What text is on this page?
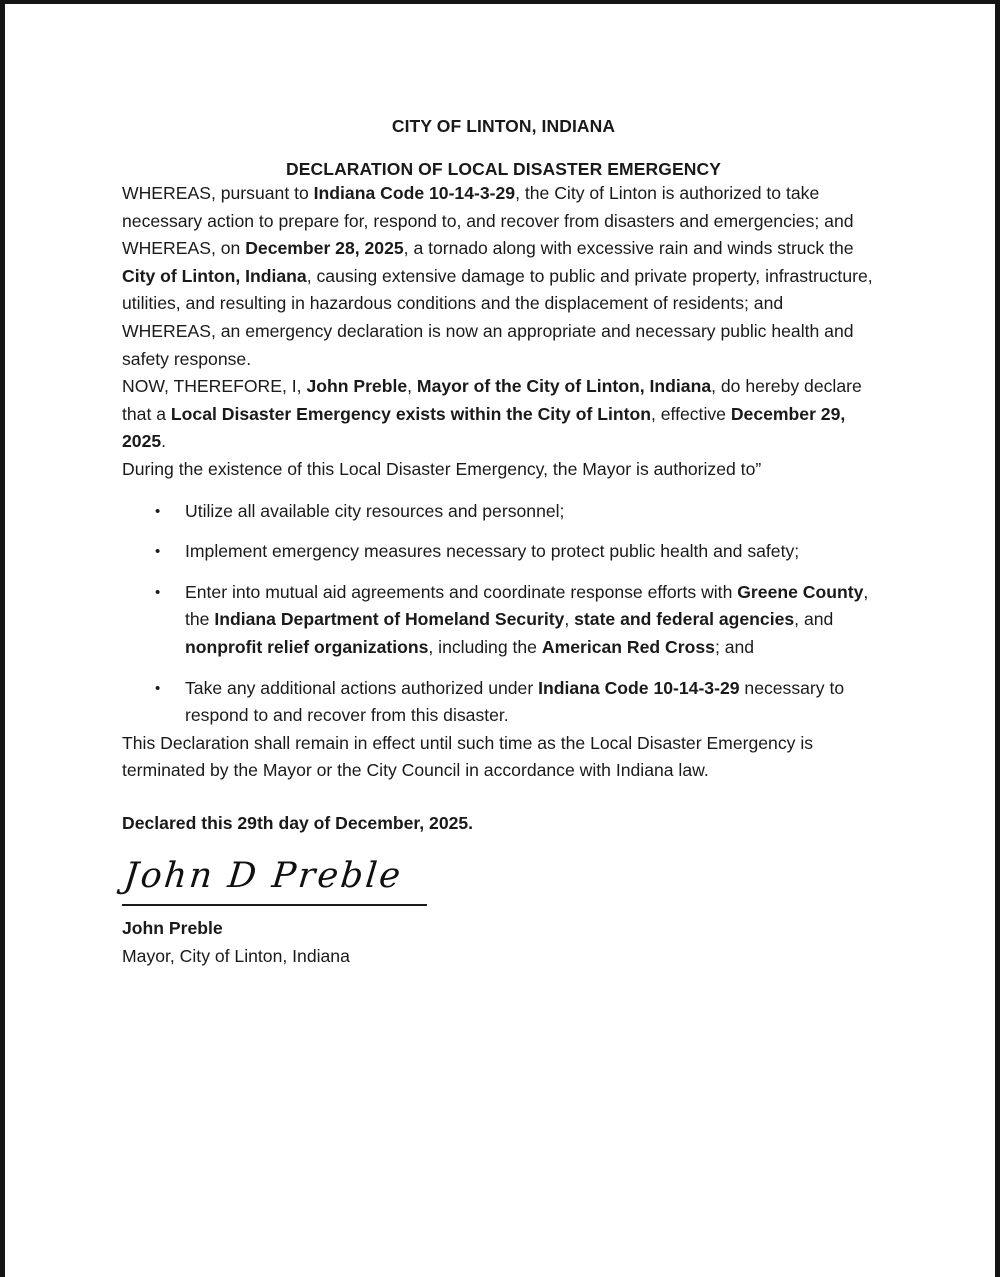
CITY OF LINTON, INDIANA
DECLARATION OF LOCAL DISASTER EMERGENCY

WHEREAS, pursuant to Indiana Code 10-14-3-29, the City of Linton is authorized to take necessary action to prepare for, respond to, and recover from disasters and emergencies; and

WHEREAS, on December 28, 2025, a tornado along with excessive rain and winds struck the City of Linton, Indiana, causing extensive damage to public and private property, infrastructure, utilities, and resulting in hazardous conditions and the displacement of residents; and

WHEREAS, an emergency declaration is now an appropriate and necessary public health and safety response.

NOW, THEREFORE, I, John Preble, Mayor of the City of Linton, Indiana, do hereby declare that a Local Disaster Emergency exists within the City of Linton, effective December 29, 2025.

During the existence of this Local Disaster Emergency, the Mayor is authorized to”

• Utilize all available city resources and personnel;
• Implement emergency measures necessary to protect public health and safety;
• Enter into mutual aid agreements and coordinate response efforts with Greene County, the Indiana Department of Homeland Security, state and federal agencies, and nonprofit relief organizations, including the American Red Cross; and
• Take any additional actions authorized under Indiana Code 10-14-3-29 necessary to respond to and recover from this disaster.

This Declaration shall remain in effect until such time as the Local Disaster Emergency is terminated by the Mayor or the City Council in accordance with Indiana law.

Declared this 29th day of December, 2025.

John D Preble
John Preble
Mayor, City of Linton, Indiana
